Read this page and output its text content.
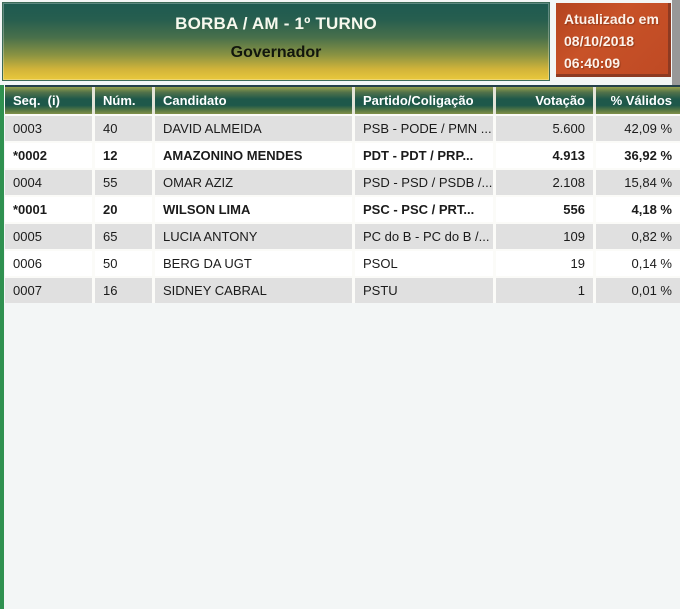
BORBA / AM - 1º TURNO
Governador
Atualizado em
08/10/2018
06:40:09
Seq.  (i)	Núm.	Candidato	Partido/Coligação	Votação	% Válidos
0003	40	DAVID ALMEIDA	PSB - PODE / PMN ...	5.600	42,09 %
*0002	12	AMAZONINO MENDES	PDT - PDT / PRP...	4.913	36,92 %
0004	55	OMAR AZIZ	PSD - PSD / PSDB /...	2.108	15,84 %
*0001	20	WILSON LIMA	PSC - PSC / PRT...	556	4,18 %
0005	65	LUCIA ANTONY	PC do B - PC do B /...	109	0,82 %
0006	50	BERG DA UGT	PSOL	19	0,14 %
0007	16	SIDNEY CABRAL	PSTU	1	0,01 %
